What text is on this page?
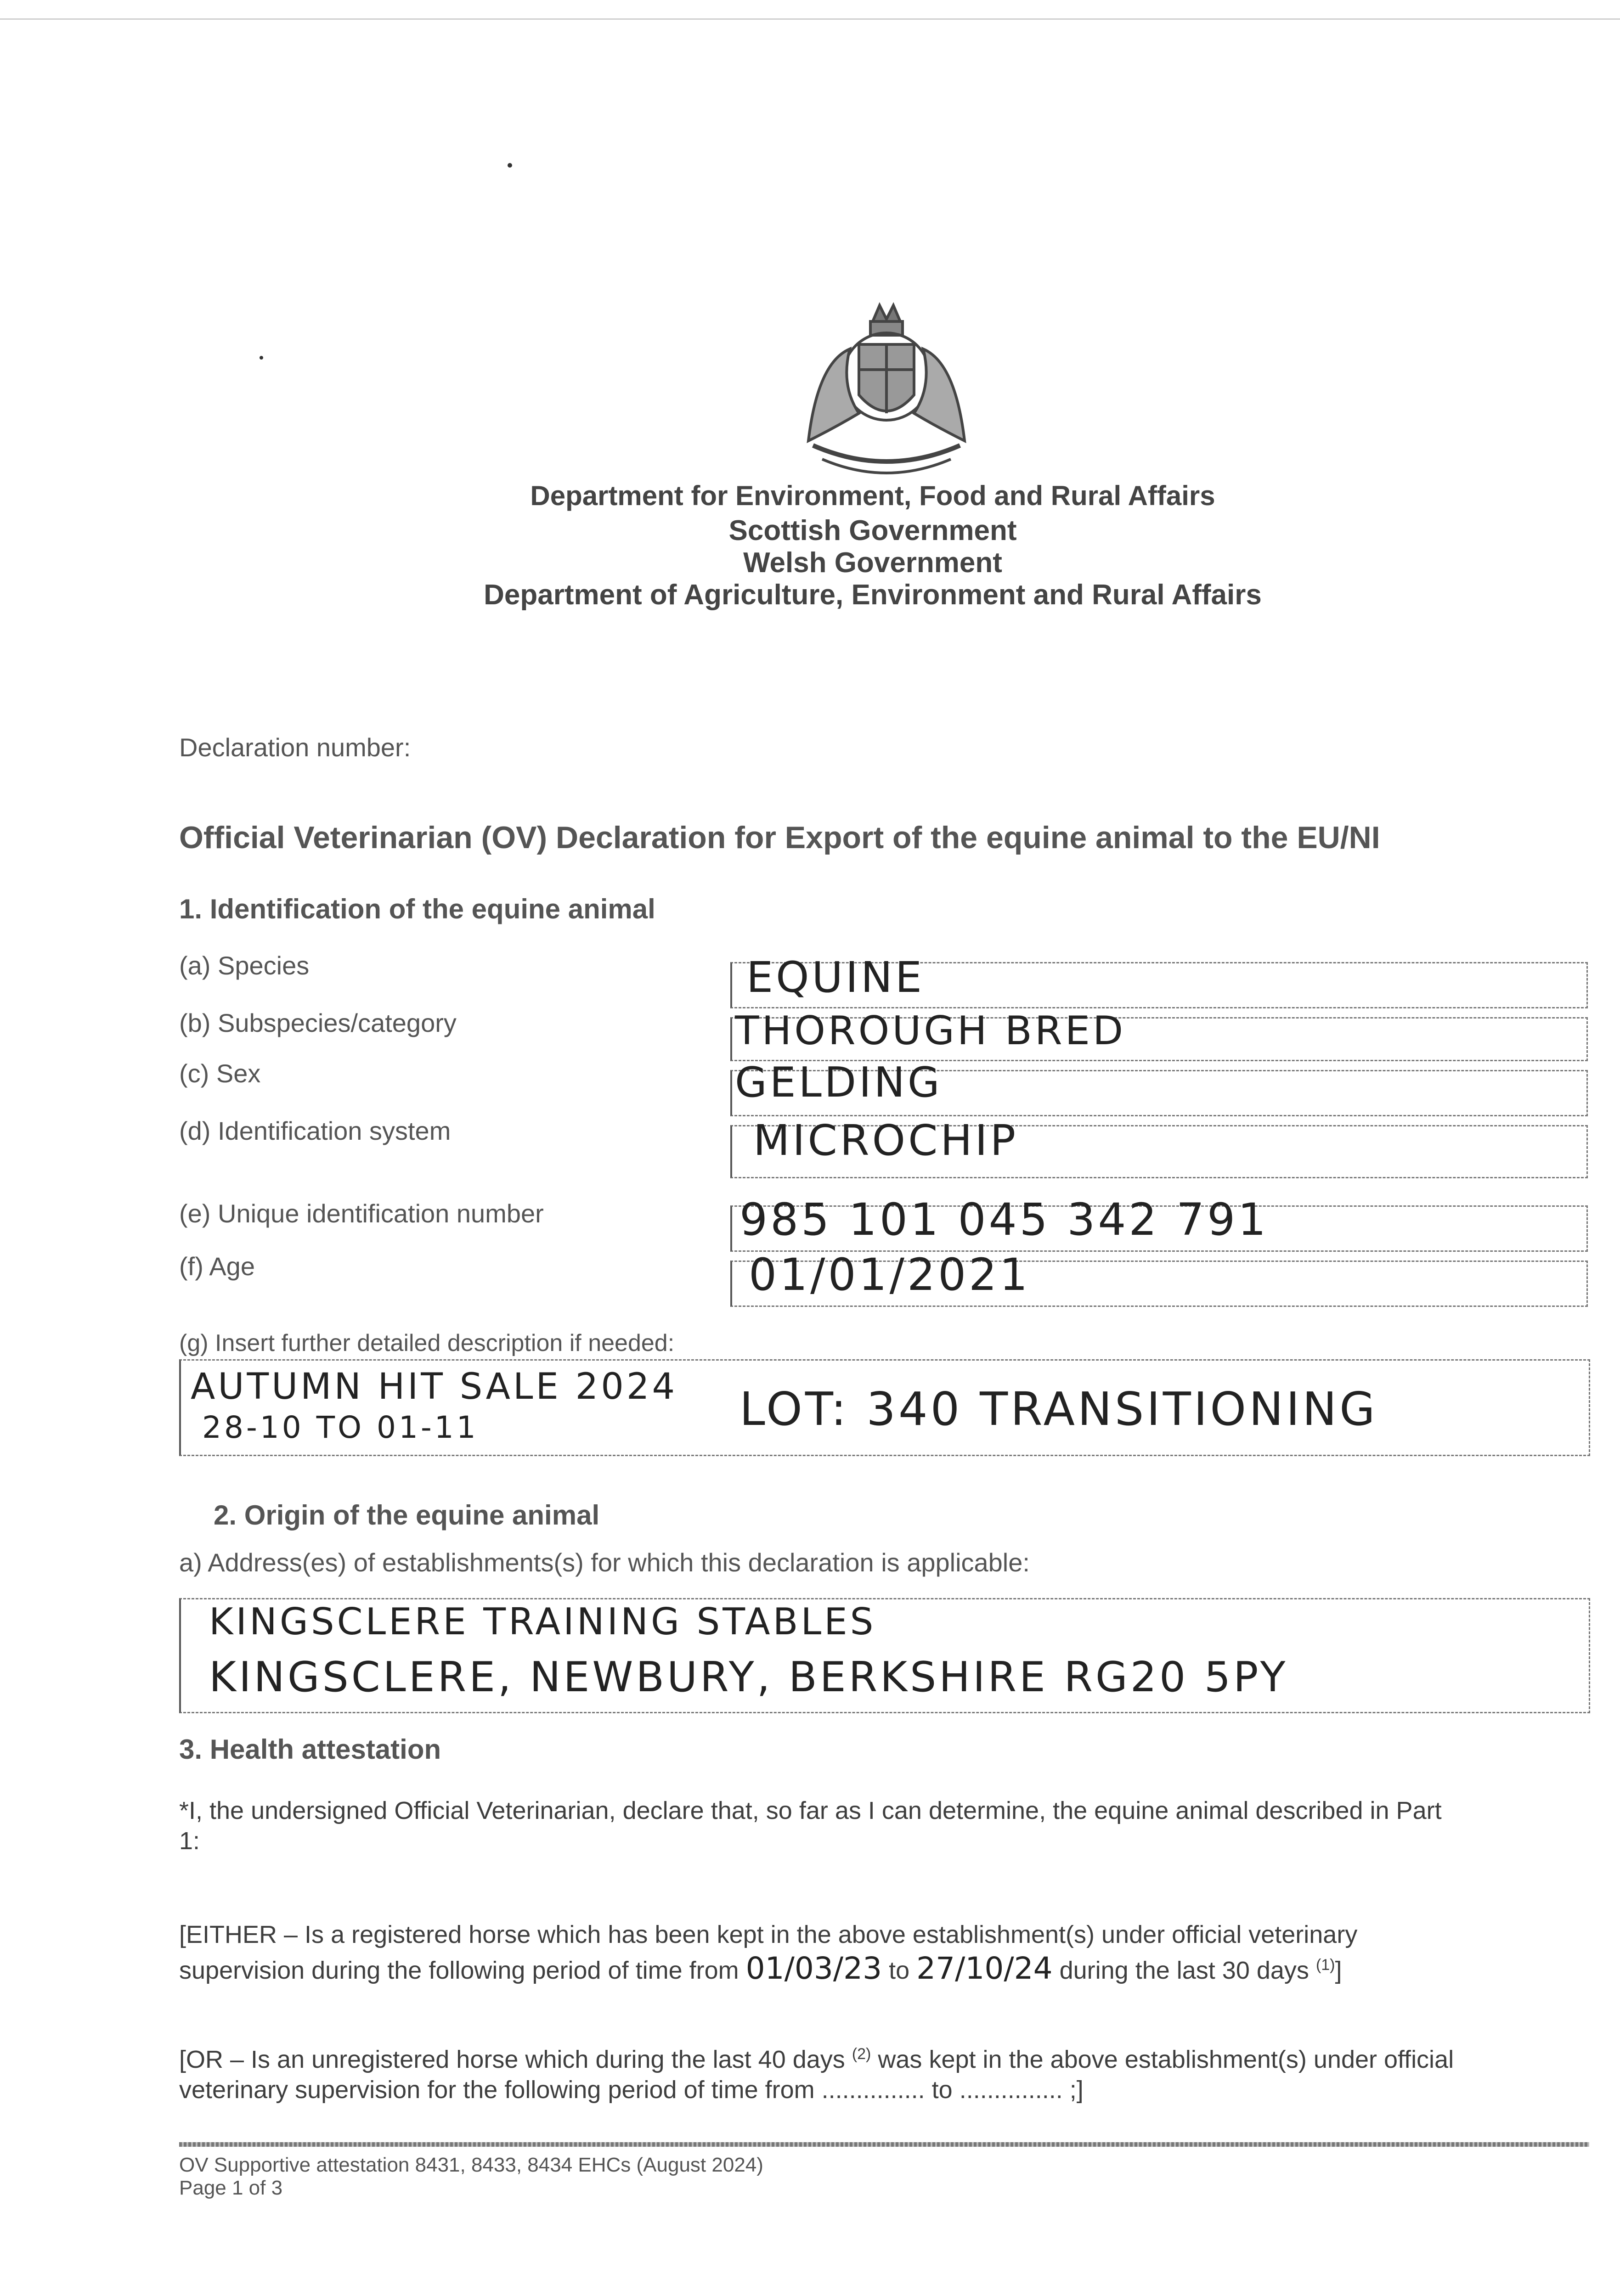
Department for Environment, Food and Rural Affairs
Scottish Government
Welsh Government
Department of Agriculture, Environment and Rural Affairs
Declaration number:
Official Veterinarian (OV) Declaration for Export of the equine animal to the EU/NI
1. Identification of the equine animal
(a) Species	EQUINE
(b) Subspecies/category	THOROUGH BRED
(c) Sex	GELDING
(d) Identification system	MICROCHIP
(e) Unique identification number	985 101 045 342 791
(f) Age	01/01/2021
(g) Insert further detailed description if needed:
AUTUMN HIT SALE 2024
28-10 TO 01-11	LOT: 340 TRANSITIONING
2. Origin of the equine animal
a) Address(es) of establishments(s) for which this declaration is applicable:
KINGSCLERE TRAINING STABLES
KINGSCLERE, NEWBURY, BERKSHIRE RG20 5PY
3. Health attestation
*I, the undersigned Official Veterinarian, declare that, so far as I can determine, the equine animal described in Part
1:
[EITHER – Is a registered horse which has been kept in the above establishment(s) under official veterinary
supervision during the following period of time from 01/03/23 to 27/10/24 during the last 30 days $^{(1)}$]
[OR – Is an unregistered horse which during the last 40 days $^{(2)}$ was kept in the above establishment(s) under official
veterinary supervision for the following period of time from ............... to ............... ;]
OV Supportive attestation 8431, 8433, 8434 EHCs (August 2024)
Page 1 of 3
